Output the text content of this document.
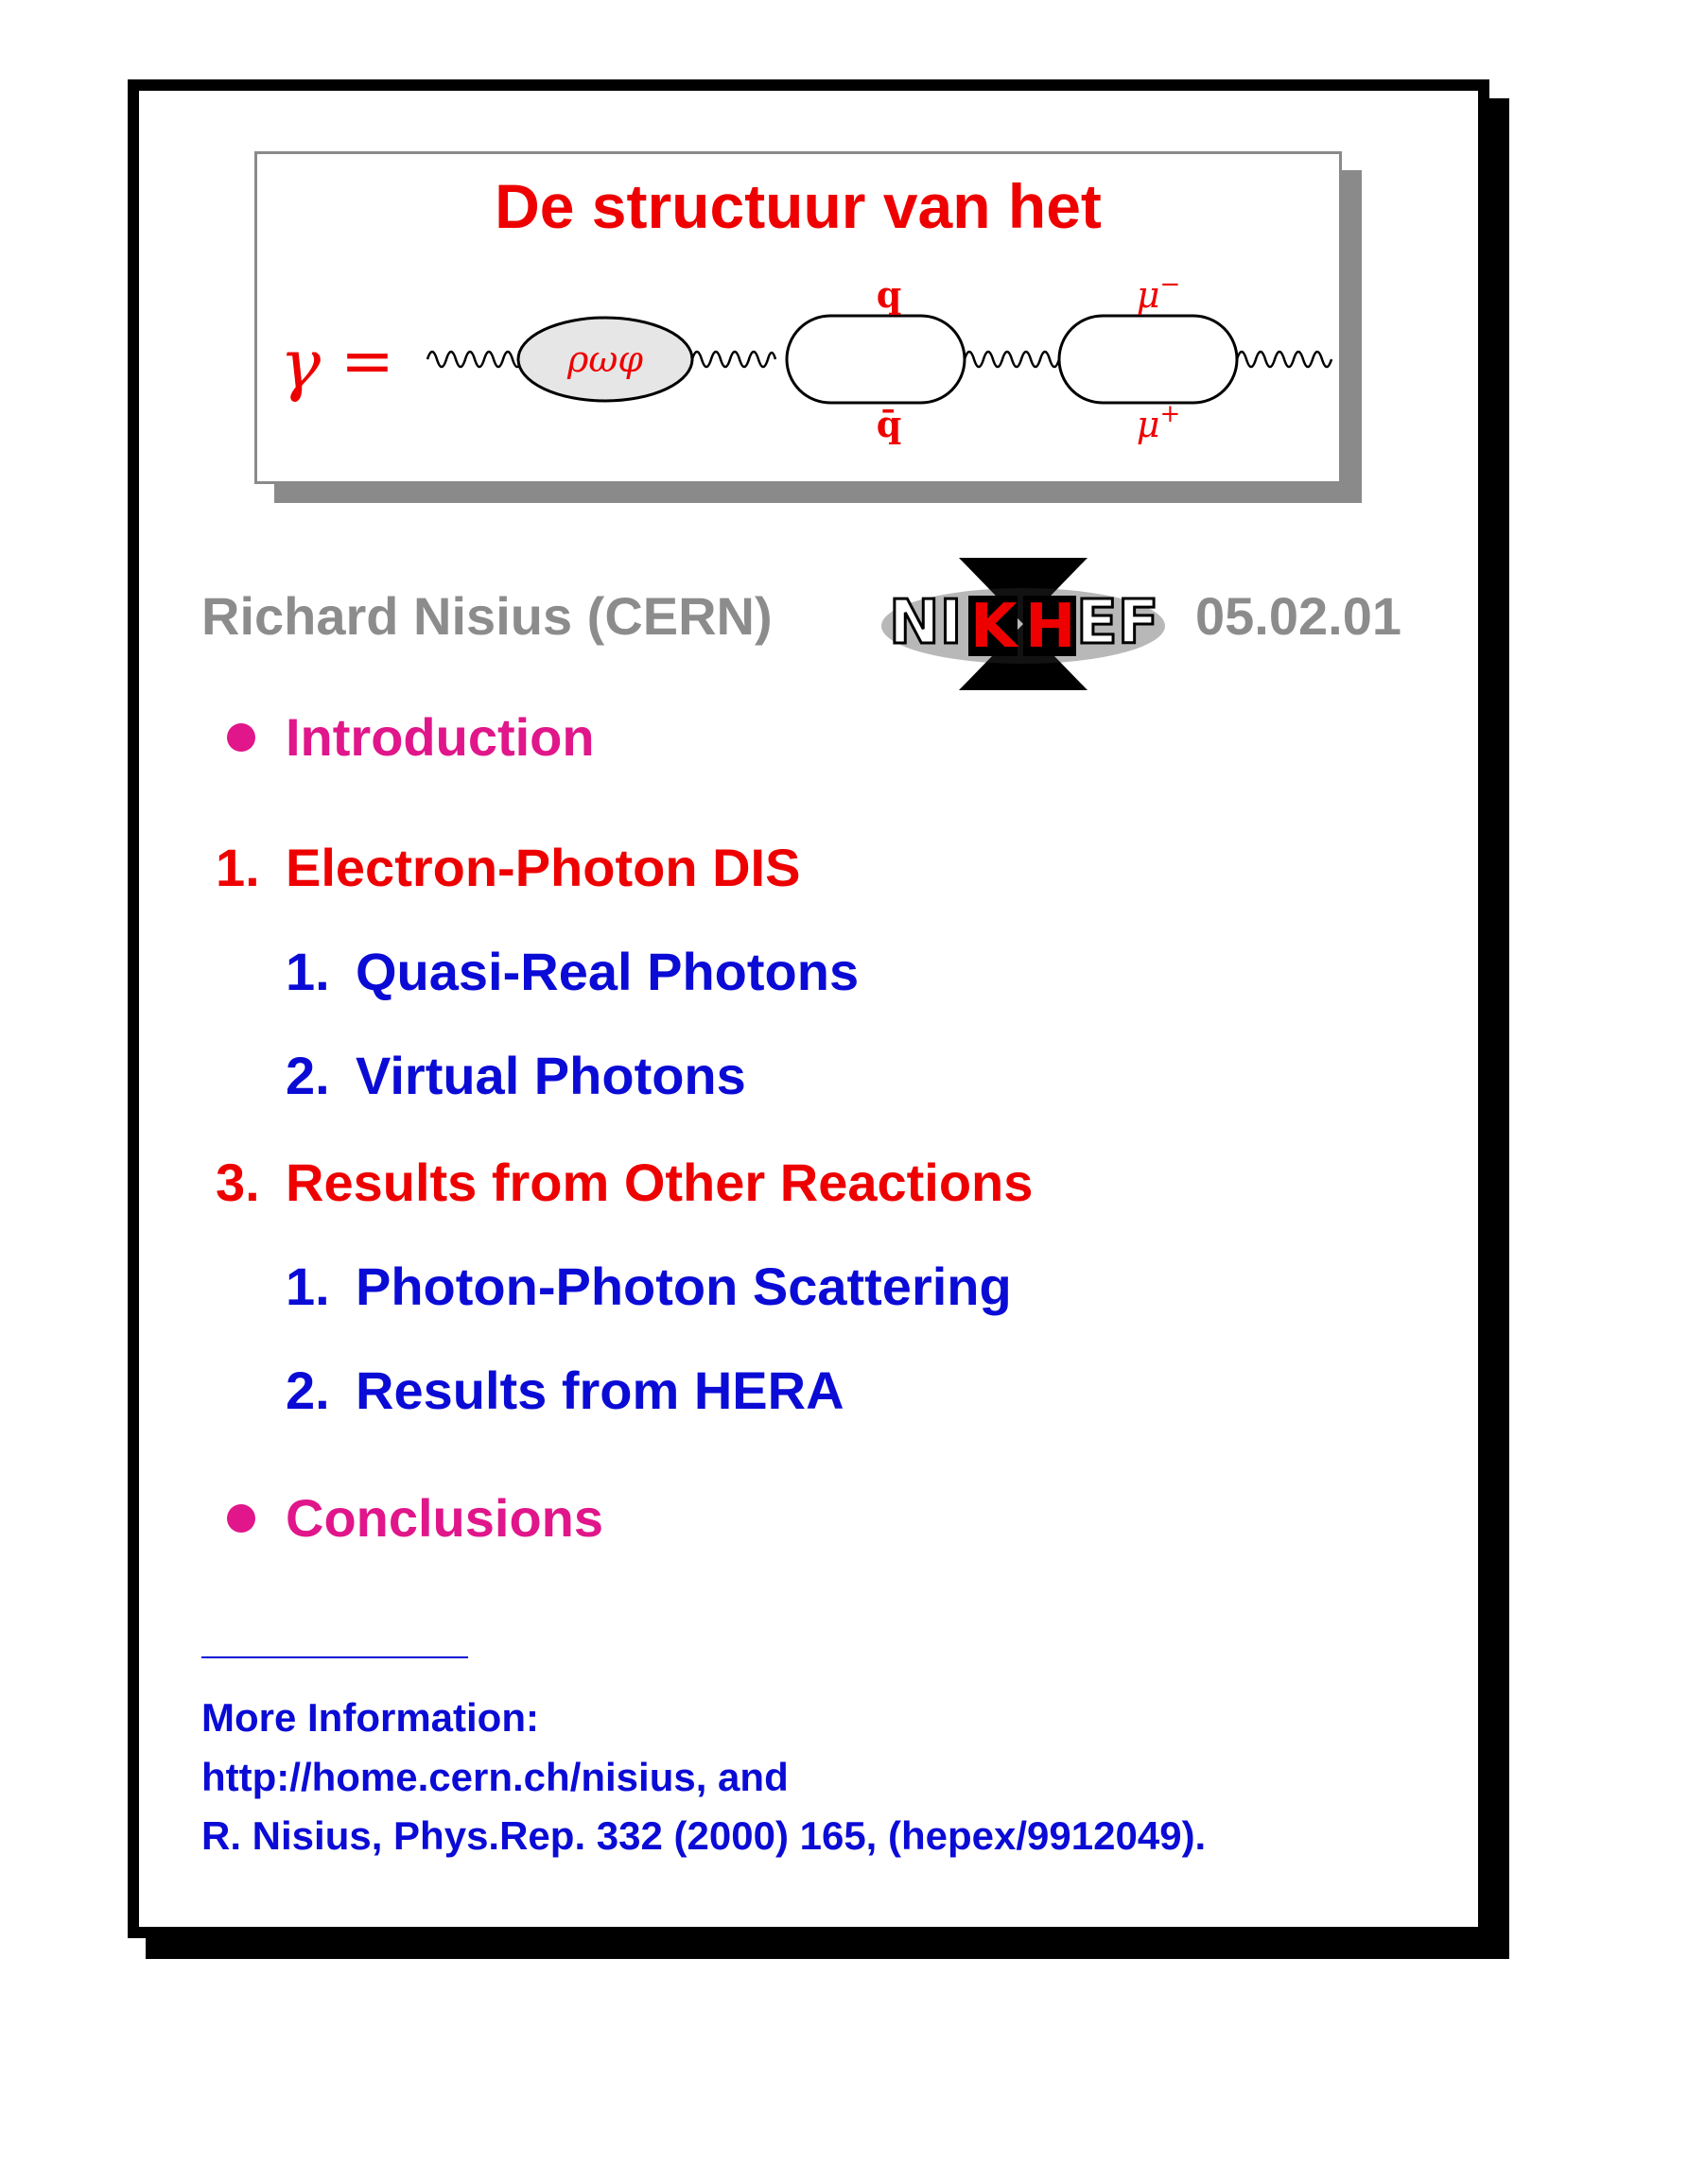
De structuur van het
γ =	ρωφ
q
q̄
μ−
μ+
Richard Nisius (CERN)	05.02.01
NI K H EF
Introduction
1. Electron-Photon DIS
1. Quasi-Real Photons
2. Virtual Photons
3. Results from Other Reactions
1. Photon-Photon Scattering
2. Results from HERA
Conclusions
More Information:
http://home.cern.ch/nisius, and
R. Nisius, Phys.Rep. 332 (2000) 165, (hepex/9912049).
